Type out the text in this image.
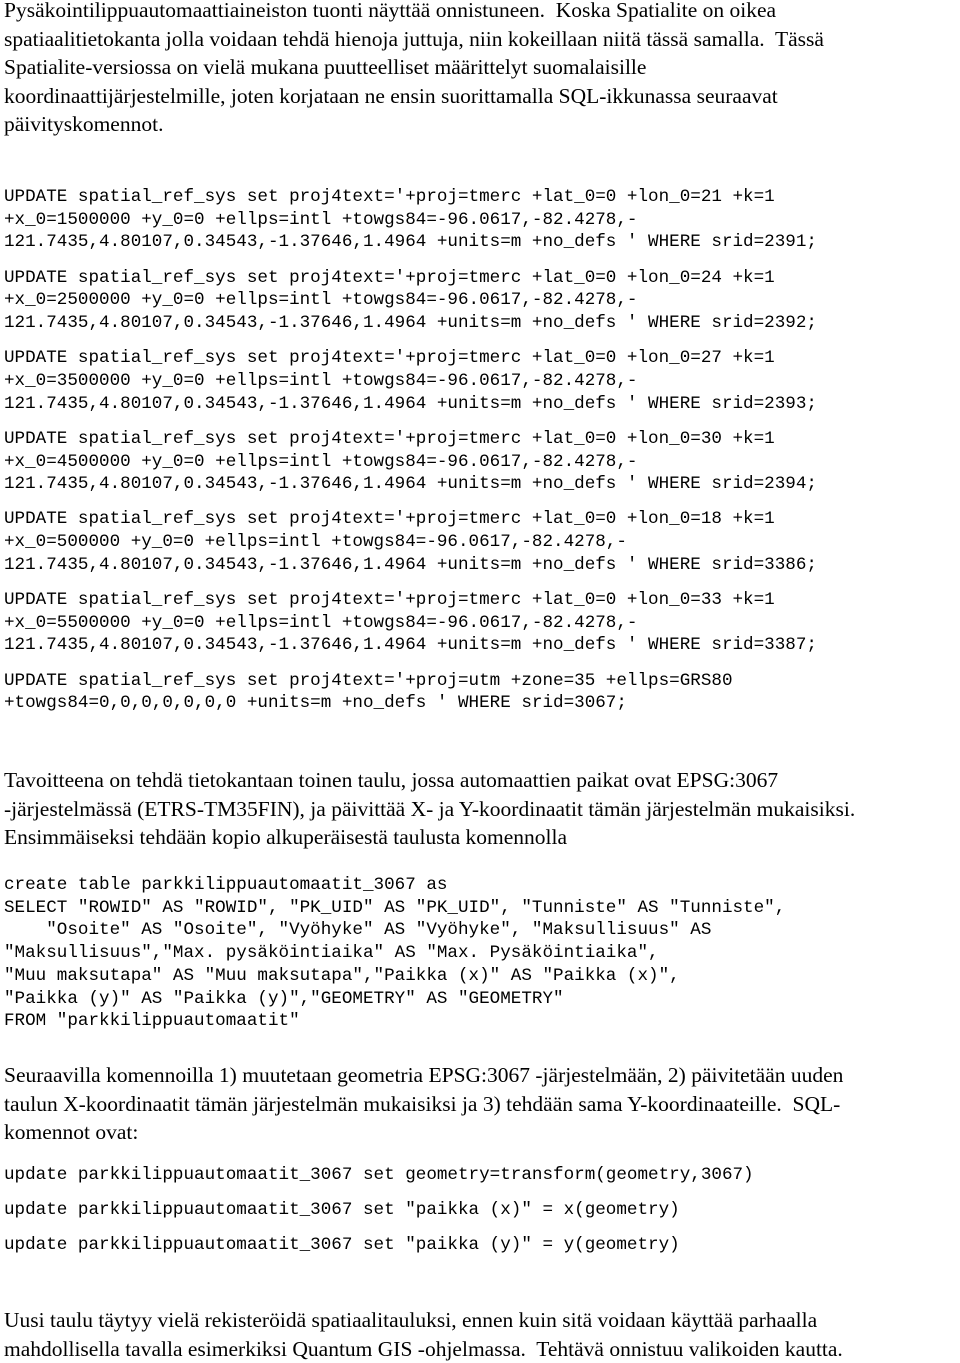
Pysäkointilippuautomaattiaineiston tuonti näyttää onnistuneen.  Koska Spatialite on oikea
spatiaalitietokanta jolla voidaan tehdä hienoja juttuja, niin kokeillaan niitä tässä samalla.  Tässä
Spatialite-versiossa on vielä mukana puutteelliset määrittelyt suomalaisille
koordinaattijärjestelmille, joten korjataan ne ensin suorittamalla SQL-ikkunassa seuraavat
päivityskomennot.

UPDATE spatial_ref_sys set proj4text='+proj=tmerc +lat_0=0 +lon_0=21 +k=1
+x_0=1500000 +y_0=0 +ellps=intl +towgs84=-96.0617,-82.4278,-
121.7435,4.80107,0.34543,-1.37646,1.4964 +units=m +no_defs ' WHERE srid=2391;
UPDATE spatial_ref_sys set proj4text='+proj=tmerc +lat_0=0 +lon_0=24 +k=1
+x_0=2500000 +y_0=0 +ellps=intl +towgs84=-96.0617,-82.4278,-
121.7435,4.80107,0.34543,-1.37646,1.4964 +units=m +no_defs ' WHERE srid=2392;
UPDATE spatial_ref_sys set proj4text='+proj=tmerc +lat_0=0 +lon_0=27 +k=1
+x_0=3500000 +y_0=0 +ellps=intl +towgs84=-96.0617,-82.4278,-
121.7435,4.80107,0.34543,-1.37646,1.4964 +units=m +no_defs ' WHERE srid=2393;
UPDATE spatial_ref_sys set proj4text='+proj=tmerc +lat_0=0 +lon_0=30 +k=1
+x_0=4500000 +y_0=0 +ellps=intl +towgs84=-96.0617,-82.4278,-
121.7435,4.80107,0.34543,-1.37646,1.4964 +units=m +no_defs ' WHERE srid=2394;
UPDATE spatial_ref_sys set proj4text='+proj=tmerc +lat_0=0 +lon_0=18 +k=1
+x_0=500000 +y_0=0 +ellps=intl +towgs84=-96.0617,-82.4278,-
121.7435,4.80107,0.34543,-1.37646,1.4964 +units=m +no_defs ' WHERE srid=3386;
UPDATE spatial_ref_sys set proj4text='+proj=tmerc +lat_0=0 +lon_0=33 +k=1
+x_0=5500000 +y_0=0 +ellps=intl +towgs84=-96.0617,-82.4278,-
121.7435,4.80107,0.34543,-1.37646,1.4964 +units=m +no_defs ' WHERE srid=3387;
UPDATE spatial_ref_sys set proj4text='+proj=utm +zone=35 +ellps=GRS80
+towgs84=0,0,0,0,0,0,0 +units=m +no_defs ' WHERE srid=3067;

Tavoitteena on tehdä tietokantaan toinen taulu, jossa automaattien paikat ovat EPSG:3067
-järjestelmässä (ETRS-TM35FIN), ja päivittää X- ja Y-koordinaatit tämän järjestelmän mukaisiksi.
Ensimmäiseksi tehdään kopio alkuperäisestä taulusta komennolla

create table parkkilippuautomaatit_3067 as
SELECT "ROWID" AS "ROWID", "PK_UID" AS "PK_UID", "Tunniste" AS "Tunniste",
"Osoite" AS "Osoite", "Vyöhyke" AS "Vyöhyke", "Maksullisuus" AS
"Maksullisuus","Max. pysäköintiaika" AS "Max. Pysäköintiaika",
"Muu maksutapa" AS "Muu maksutapa","Paikka (x)" AS "Paikka (x)",
"Paikka (y)" AS "Paikka (y)","GEOMETRY" AS "GEOMETRY"
FROM "parkkilippuautomaatit"

Seuraavilla komennoilla 1) muutetaan geometria EPSG:3067 -järjestelmään, 2) päivitetään uuden
taulun X-koordinaatit tämän järjestelmän mukaisiksi ja 3) tehdään sama Y-koordinaateille.  SQL-
komennot ovat:

update parkkilippuautomaatit_3067 set geometry=transform(geometry,3067)
update parkkilippuautomaatit_3067 set "paikka (x)" = x(geometry)
update parkkilippuautomaatit_3067 set "paikka (y)" = y(geometry)

Uusi taulu täytyy vielä rekisteröidä spatiaalitauluksi, ennen kuin sitä voidaan käyttää parhaalla
mahdollisella tavalla esimerkiksi Quantum GIS -ohjelmassa.  Tehtävä onnistuu valikoiden kautta.
